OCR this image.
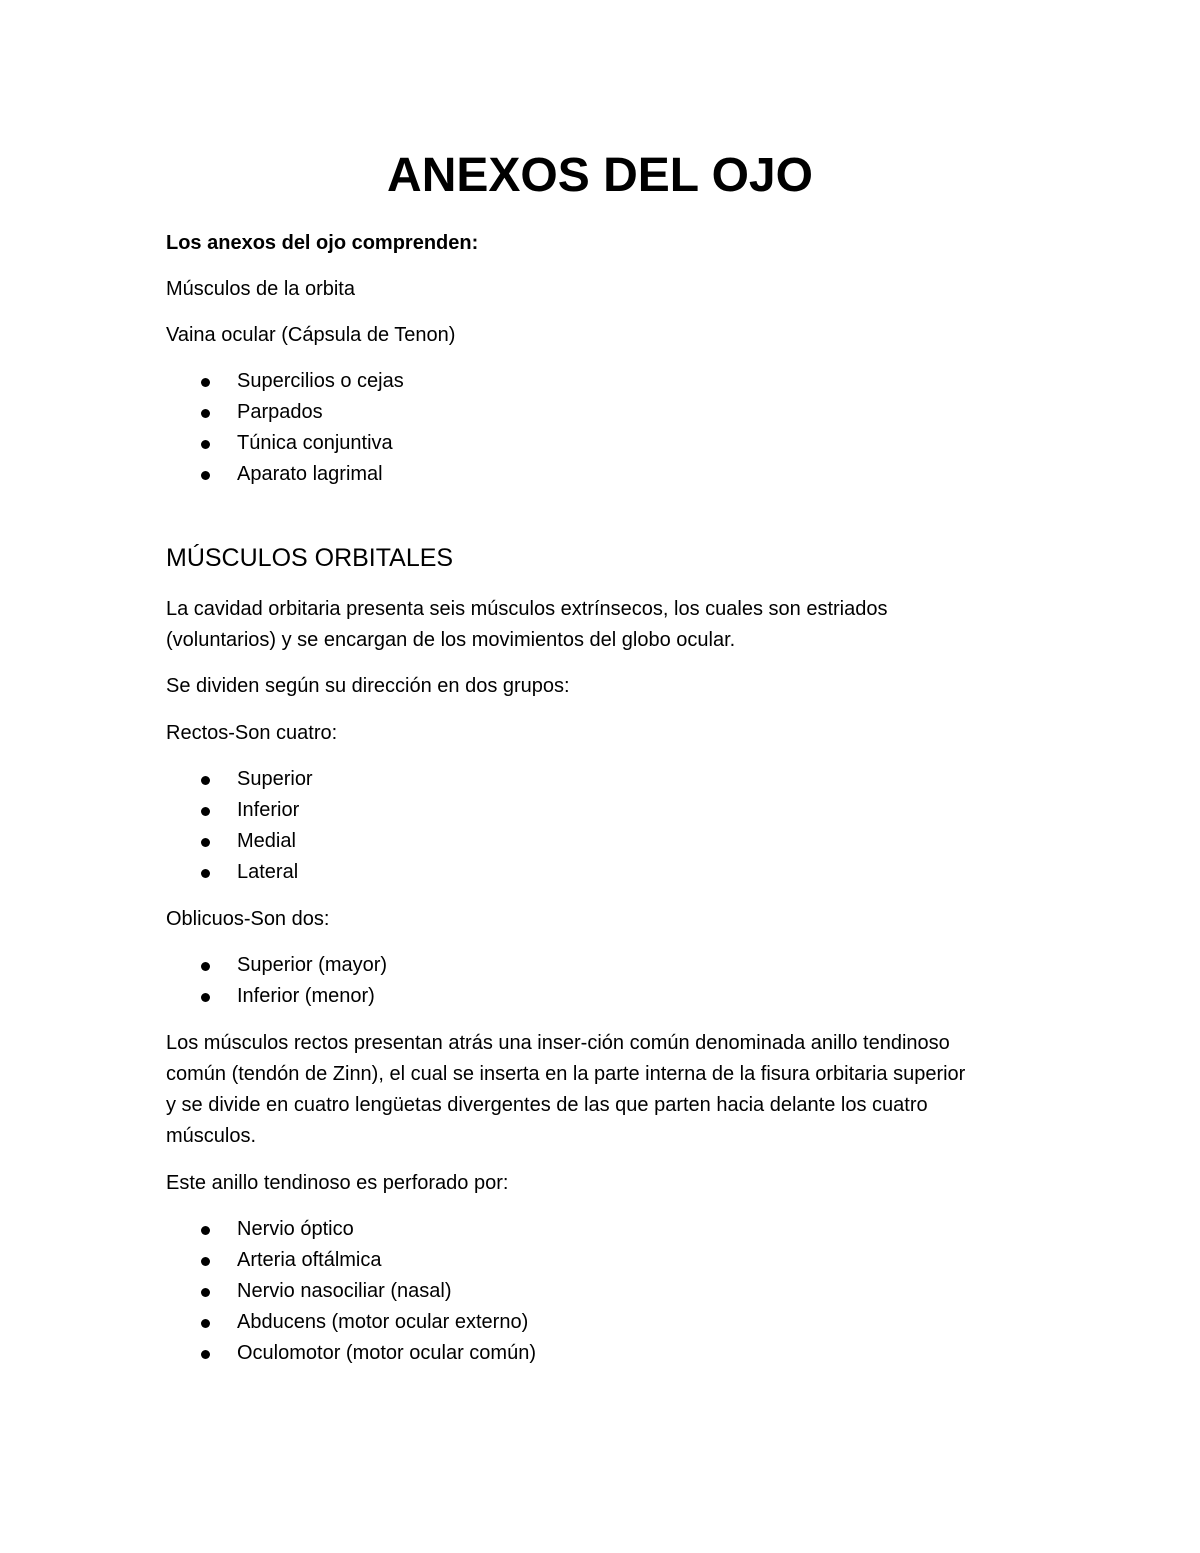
ANEXOS DEL OJO

Los anexos del ojo comprenden:

Músculos de la orbita

Vaina ocular (Cápsula de Tenon)

Supercilios o cejas
Parpados
Túnica conjuntiva
Aparato lagrimal
MÚSCULOS ORBITALES

La cavidad orbitaria presenta seis músculos extrínsecos, los cuales son estriados

(voluntarios) y se encargan de los movimientos del globo ocular.

Se dividen según su dirección en dos grupos:

Rectos-Son cuatro:

Superior
Inferior
Medial
Lateral

Oblicuos-Son dos:

Superior (mayor)
Inferior (menor)

Los músculos rectos presentan atrás una inser-ción común denominada anillo tendinoso

común (tendón de Zinn), el cual se inserta en la parte interna de la fisura orbitaria superior

y se divide en cuatro lengüetas divergentes de las que parten hacia delante los cuatro

músculos.

Este anillo tendinoso es perforado por:

Nervio óptico
Arteria oftálmica
Nervio nasociliar (nasal)
Abducens (motor ocular externo)
Oculomotor (motor ocular común)
